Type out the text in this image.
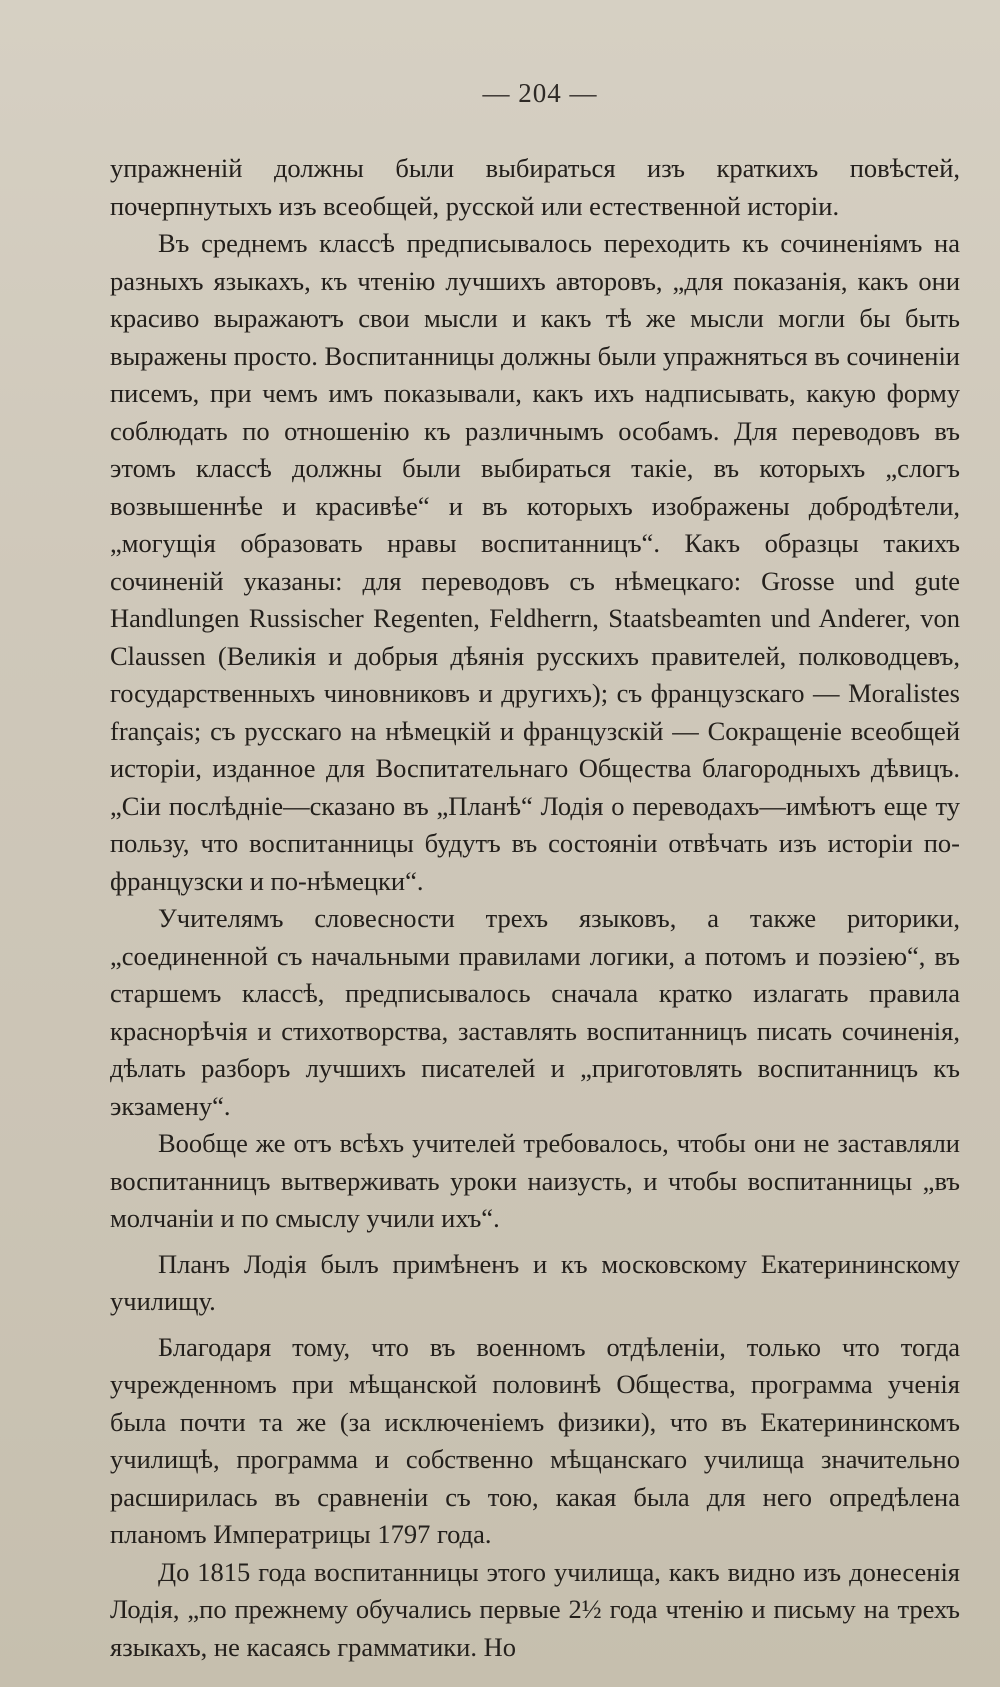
— 204 —

упражненій должны были выбираться изъ краткихъ повѣстей, почерпнутыхъ изъ всеобщей, русской или естественной исторіи.

Въ среднемъ классѣ предписывалось переходить къ сочиненіямъ на разныхъ языкахъ, къ чтенію лучшихъ авторовъ, „для показанія, какъ они красиво выражаютъ свои мысли и какъ тѣ же мысли могли бы быть выражены просто. Воспитанницы должны были упражняться въ сочиненіи писемъ, при чемъ имъ показывали, какъ ихъ надписывать, какую форму соблюдать по отношенію къ различнымъ особамъ. Для переводовъ въ этомъ классѣ должны были выбираться такіе, въ которыхъ „слогъ возвышеннѣе и красивѣе“ и въ которыхъ изображены добродѣтели, „могущія образовать нравы воспитанницъ“. Какъ образцы такихъ сочиненій указаны: для переводовъ съ нѣмецкаго: Grosse und gute Handlungen Russischer Regenten, Feldherrn, Staatsbeamten und Anderer, von Claussen (Великія и добрыя дѣянія русскихъ правителей, полководцевъ, государственныхъ чиновниковъ и другихъ); съ французскаго — Moralistes français; съ русскаго на нѣмецкій и французскій — Сокращеніе всеобщей исторіи, изданное для Воспитательнаго Общества благородныхъ дѣвицъ. „Сіи послѣдніе—сказано въ „Планѣ“ Лодія о переводахъ—имѣютъ еще ту пользу, что воспитанницы будутъ въ состояніи отвѣчать изъ исторіи по-французски и по-нѣмецки“.

Учителямъ словесности трехъ языковъ, а также риторики, „соединенной съ начальными правилами логики, а потомъ и поэзіею“, въ старшемъ классѣ, предписывалось сначала кратко излагать правила краснорѣчія и стихотворства, заставлять воспитанницъ писать сочиненія, дѣлать разборъ лучшихъ писателей и „приготовлять воспитанницъ къ экзамену“.

Вообще же отъ всѣхъ учителей требовалось, чтобы они не заставляли воспитанницъ вытверживать уроки наизусть, и чтобы воспитанницы „въ молчаніи и по смыслу учили ихъ“.

Планъ Лодія былъ примѣненъ и къ московскому Екатерининскому училищу.

Благодаря тому, что въ военномъ отдѣленіи, только что тогда учрежденномъ при мѣщанской половинѣ Общества, программа ученія была почти та же (за исключеніемъ физики), что въ Екатерининскомъ училищѣ, программа и собственно мѣщанскаго училища значительно расширилась въ сравненіи съ тою, какая была для него опредѣлена планомъ Императрицы 1797 года.

До 1815 года воспитанницы этого училища, какъ видно изъ донесенія Лодія, „по прежнему обучались первые 2½ года чтенію и письму на трехъ языкахъ, не касаясь грамматики. Но
